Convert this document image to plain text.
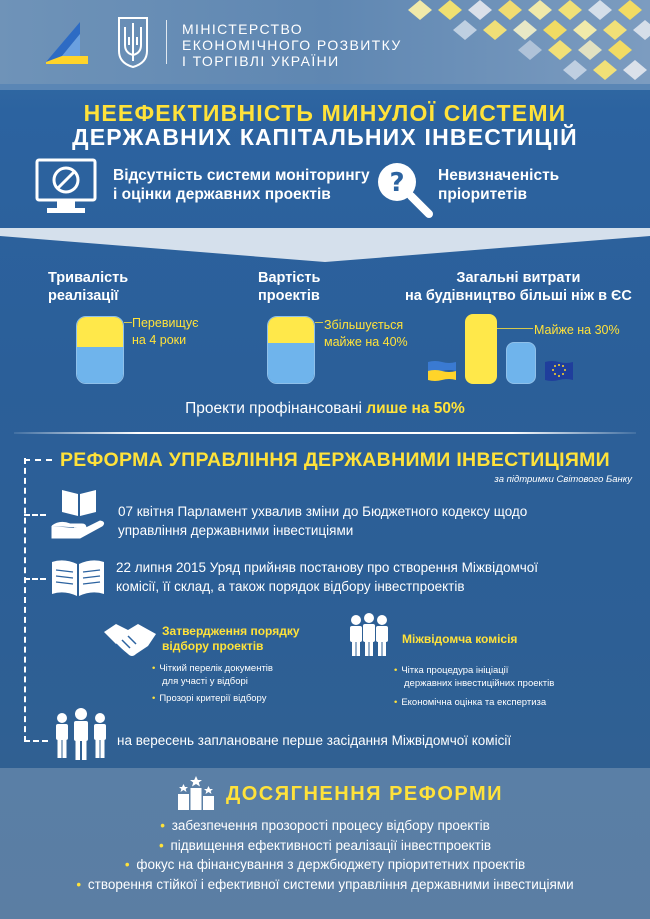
МІНІСТЕРСТВО
ЕКОНОМІЧНОГО РОЗВИТКУ
І ТОРГІВЛІ УКРАЇНИ
НЕЕФЕКТИВНІСТЬ МИНУЛОЇ СИСТЕМИ
ДЕРЖАВНИХ КАПІТАЛЬНИХ ІНВЕСТИЦІЙ
Відсутність системи моніторингу
і оцінки державних проектів	? Невизначеність
пріоритетів
Тривалість
реалізації
Перевищує
на 4 роки
Вартість
проектів
Збільшується
майже на 40%
Загальні витрати
на будівництво більші ніж в ЄС
Майже на 30%
Проекти профінансовані лише на 50%
РЕФОРМА УПРАВЛІННЯ ДЕРЖАВНИМИ ІНВЕСТИЦІЯМИ
за підтримки Світового Банку
07 квітня Парламент ухвалив зміни до Бюджетного кодексу щодо
управління державними інвестиціями
22 липня 2015 Уряд прийняв постанову про створення Міжвідомчої
комісії, її склад, а також порядок відбору інвестпроектів
Затвердження порядку
відбору проектів
• Чіткий перелік документів
для участі у відборі
• Прозорі критерії відбору
Міжвідомча комісія
• Чітка процедура ініціації
державних інвестиційних проектів
• Економічна оцінка та експертиза
на вересень заплановане перше засідання Міжвідомчої комісії
ДОСЯГНЕННЯ РЕФОРМИ
• забезпечення прозорості процесу відбору проектів
• підвищення ефективності реалізації інвестпроектів
• фокус на фінансування з держбюджету пріоритетних проектів
• створення стійкої і ефективної системи управління державними інвестиціями
